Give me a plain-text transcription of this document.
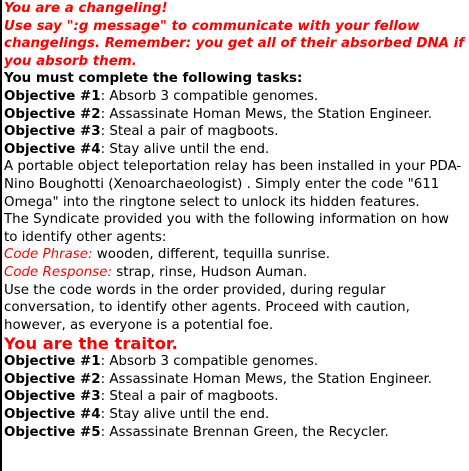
You are a changeling!

Use say ":g message" to communicate with your fellow changelings. Remember: you get all of their absorbed DNA if you absorb them.

You must complete the following tasks:

Objective #1: Absorb 3 compatible genomes.

Objective #2: Assassinate Homan Mews, the Station Engineer.

Objective #3: Steal a pair of magboots.

Objective #4: Stay alive until the end.

A portable object teleportation relay has been installed in your PDA-Nino Boughotti (Xenoarchaeologist) . Simply enter the code "611 Omega" into the ringtone select to unlock its hidden features.

The Syndicate provided you with the following information on how to identify other agents:

Code Phrase: wooden, different, tequilla sunrise.

Code Response: strap, rinse, Hudson Auman.

Use the code words in the order provided, during regular conversation, to identify other agents. Proceed with caution, however, as everyone is a potential foe.

You are the traitor.

Objective #1: Absorb 3 compatible genomes.

Objective #2: Assassinate Homan Mews, the Station Engineer.

Objective #3: Steal a pair of magboots.

Objective #4: Stay alive until the end.

Objective #5: Assassinate Brennan Green, the Recycler.
